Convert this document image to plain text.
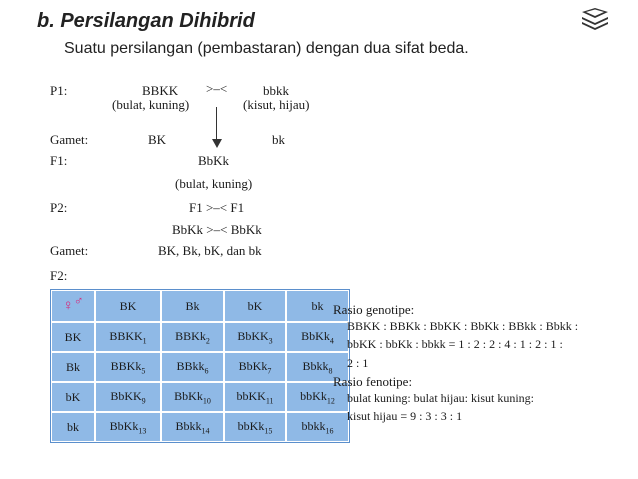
b. Persilangan Dihibrid
Suatu persilangan (pembastaran) dengan dua sifat beda.
P1:	BBKK >–<	bbkk
(bulat, kuning)	(kisut, hijau)
Gamet:	BK	bk
F1:	BbKk
(bulat, kuning)
P2:	F1 >–< F1
BbKk >–< BbKk
Gamet:	BK, Bk, bK, dan bk
F2:
♀♂	BK	Bk	bK	bk
BK	$BBKK_1$	BBKk$_2$	BbKK$_3$	BbKk$_4$
Bk	BBKk$_5$	BBkk$_6$	BbKk$_7$	Bbkk$_8$
bK	BbKK$_9$	BbKk$_{10}$	bbKK$_{11}$	bbKk$_{12}$
bk	BbKk$_{13}$	Bbkk$_{14}$	bbKk$_{15}$	bbkk$_{16}$
Rasio genotipe:
BBKK : BBKk : BbKK : BbKk : BBkk : Bbkk :
bbKK : bbKk : bbkk = 1 : 2 : 2 : 4 : 1 : 2 : 1 :
2 : 1
Rasio fenotipe:
bulat kuning: bulat hijau: kisut kuning:
kisut hijau = 9 : 3 : 3 : 1
